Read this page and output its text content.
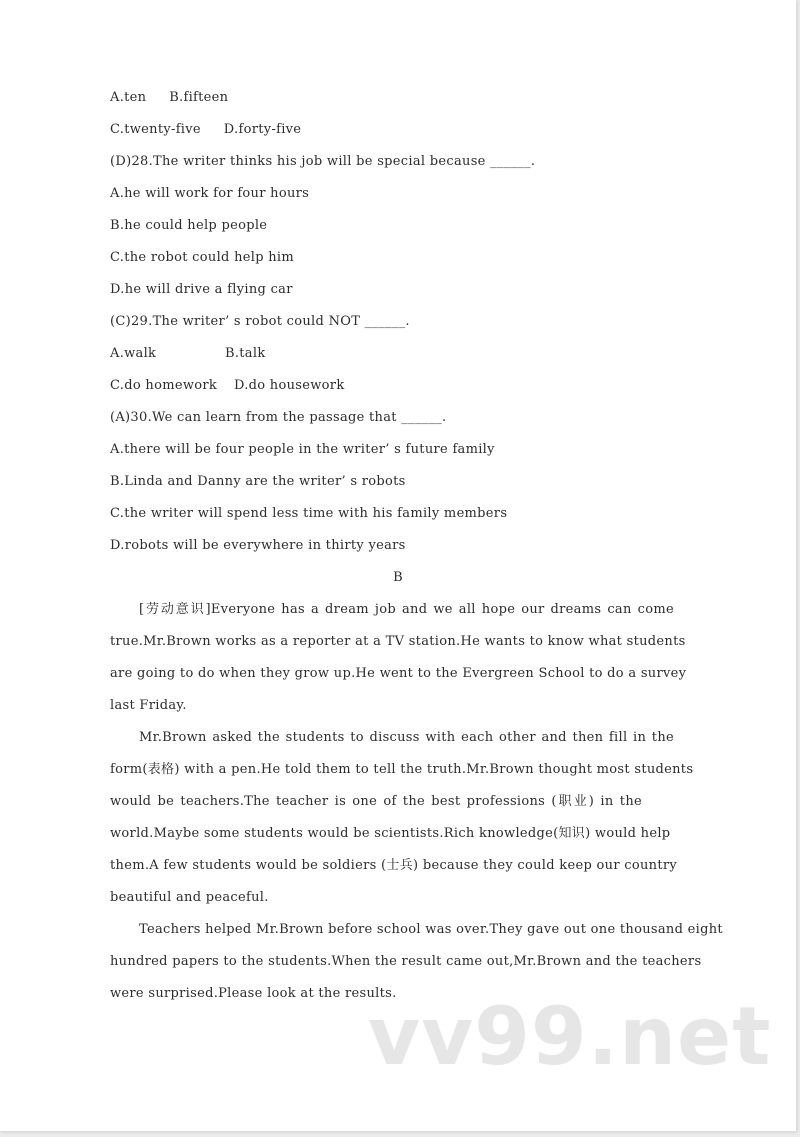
A.ten B.fifteen
C.twenty-five D.forty-five
(D)28.The writer thinks his job will be special because ______.
A.he will work for four hours
B.he could help people
C.the robot could help him
D.he will drive a flying car
(C)29.The writer’ s robot could NOT ______.
A.walk	B.talk
C.do homework D.do housework
(A)30.We can learn from the passage that ______.
A.there will be four people in the writer’ s future family
B.Linda and Danny are the writer’ s robots
C.the writer will spend less time with his family members
D.robots will be everywhere in thirty years
B
[劳动意识]Everyone has a dream job and we all hope our dreams can come
true.Mr.Brown works as a reporter at a TV station.He wants to know what students
are going to do when they grow up.He went to the Evergreen School to do a survey
last Friday.
Mr.Brown asked the students to discuss with each other and then fill in the
form(表格) with a pen.He told them to tell the truth.Mr.Brown thought most students
would be teachers.The teacher is one of the best professions (职业) in the
world.Maybe some students would be scientists.Rich knowledge(知识) would help
them.A few students would be soldiers (士兵) because they could keep our country
beautiful and peaceful.
Teachers helped Mr.Brown before school was over.They gave out one thousand eight
hundred papers to the students.When the result came out,Mr.Brown and the teachers
were surprised.Please look at the results.
vv99.net
